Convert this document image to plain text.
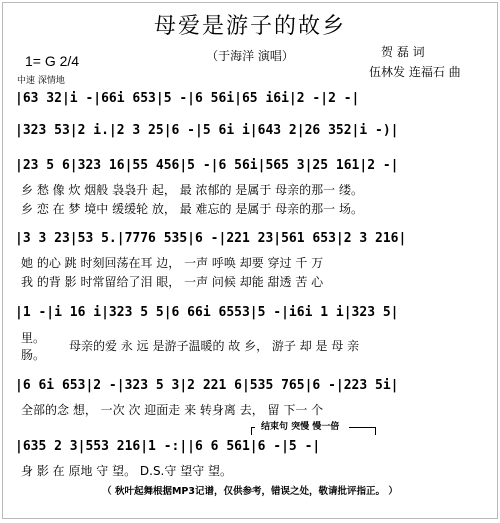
母爱是游子的故乡
（于海洋 演唱）
1= G 2/4
中速 深情地
贺 磊 词
伍林发 连福石 曲
|63 32|i -|66i 653|5 -|6 56i|65 i6i|2 -|2 -|
|323 53|2 i.|2 3 25|6 -|5 6i i|643 2|26 352|i -)|
|23 5 6|323 16|55 456|5 -|6 56i|565 3|25 161|2 -|
乡 愁 像 炊 烟般 袅袅升 起， 最 浓郁的 是属于 母亲的那一 缕。
乡 恋 在 梦 境中 缓缓轮 放， 最 难忘的 是属于 母亲的那一 场。
|3 3 23|53 5.|7776 535|6 -|221 23|561 653|2 3 216|
她 的心 跳 时刻回荡在耳 边， 一声 呼唤 却要 穿过 千 万
我 的背 影 时常留给了泪 眼， 一声 问候 却能 甜透 苦 心
|1 -|i 16 i|323 5 5|6 66i 6553|5 -|i6i 1 i|323 5|
里。
肠。
母亲的爱 永 远 是游子温暖的 故 乡， 游子 却 是 母 亲
|6 6i 653|2 -|323 5 3|2 221 6|535 765|6 -|223 5i|
全部的念 想， 一次 次 迎面走 来 转身离 去， 留 下一 个
结束句 突慢 慢一倍
|635 2 3|553 216|1 -:||6 6 561|6 -|5 -|
身 影 在 原地 守 望。 D.S.守 望守 望。
（ 秋叶起舞根据MP3记谱，仅供参考，错误之处，敬请批评指正。 ）
